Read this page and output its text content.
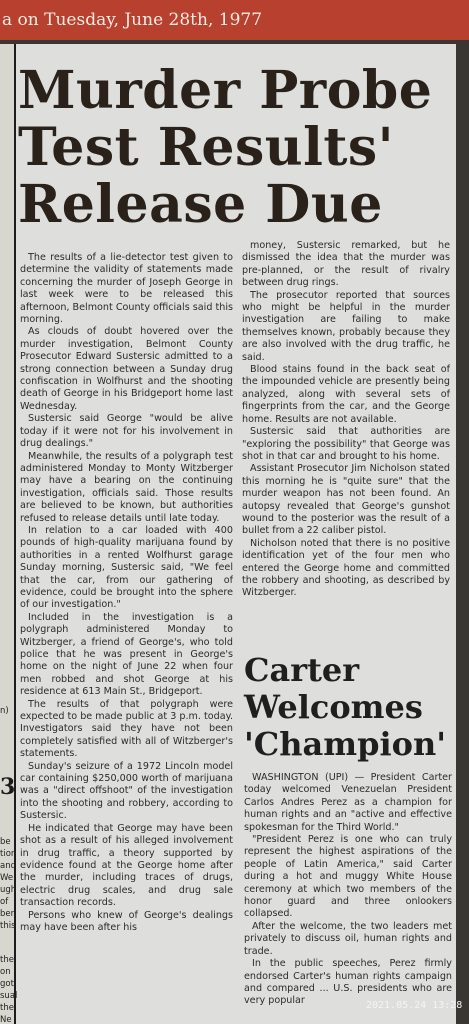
a on Tuesday, June 28th, 1977
n)
3
be
tion
and
We
ugh
of
ber.
this
the
on
got
sual
the
Ne
Murder Probe Test Results' Release Due

The results of a lie-detector test given to determine the validity of statements made concerning the murder of Joseph George in last week were to be released this afternoon, Belmont County officials said this morning.

As clouds of doubt hovered over the murder investigation, Belmont County Prosecutor Edward Sustersic admitted to a strong connection between a Sunday drug confiscation in Wolfhurst and the shooting death of George in his Bridgeport home last Wednesday.

Sustersic said George "would be alive today if it were not for his involvement in drug dealings."

Meanwhile, the results of a polygraph test administered Monday to Monty Witzberger may have a bearing on the continuing investigation, officials said. Those results are believed to be known, but authorities refused to release details until late today.

In relation to a car loaded with 400 pounds of high-quality marijuana found by authorities in a rented Wolfhurst garage Sunday morning, Sustersic said, "We feel that the car, from our gathering of evidence, could be brought into the sphere of our investigation."

Included in the investigation is a polygraph administered Monday to Witzberger, a friend of George's, who told police that he was present in George's home on the night of June 22 when four men robbed and shot George at his residence at 613 Main St., Bridgeport.

The results of that polygraph were expected to be made public at 3 p.m. today. Investigators said they have not been completely satisfied with all of Witzberger's statements.

Sunday's seizure of a 1972 Lincoln model car containing $250,000 worth of marijuana was a "direct offshoot" of the investigation into the shooting and robbery, according to Sustersic.

He indicated that George may have been shot as a result of his alleged involvement in drug traffic, a theory supported by evidence found at the George home after the murder, including traces of drugs, electric drug scales, and drug sale transaction records.

Persons who knew of George's dealings may have been after his

money, Sustersic remarked, but he dismissed the idea that the murder was pre-planned, or the result of rivalry between drug rings.

The prosecutor reported that sources who might be helpful in the murder investigation are failing to make themselves known, probably because they are also involved with the drug traffic, he said.

Blood stains found in the back seat of the impounded vehicle are presently being analyzed, along with several sets of fingerprints from the car, and the George home. Results are not available.

Sustersic said that authorities are "exploring the possibility" that George was shot in that car and brought to his home.

Assistant Prosecutor Jim Nicholson stated this morning he is "quite sure" that the murder weapon has not been found. An autopsy revealed that George's gunshot wound to the posterior was the result of a bullet from a 22 caliber pistol.

Nicholson noted that there is no positive identification yet of the four men who entered the George home and committed the robbery and shooting, as described by Witzberger.

Carter Welcomes 'Champion'

WASHINGTON (UPI) — President Carter today welcomed Venezuelan President Carlos Andres Perez as a champion for human rights and an "active and effective spokesman for the Third World."

"President Perez is one who can truly represent the highest aspirations of the people of Latin America," said Carter during a hot and muggy White House ceremony at which two members of the honor guard and three onlookers collapsed.

After the welcome, the two leaders met privately to discuss oil, human rights and trade.

In the public speeches, Perez firmly endorsed Carter's human rights campaign and compared ... U.S. presidents who are very popular	2021.05.24 13:28
